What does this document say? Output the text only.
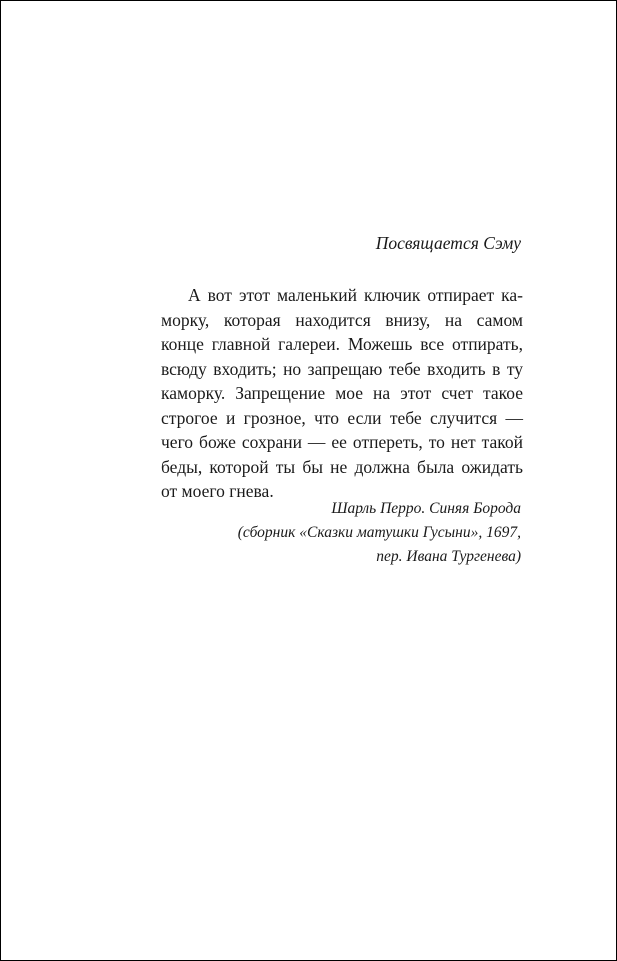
Посвящается Сэму
А вот этот маленький ключик отпирает ка-
морку, которая находится внизу, на самом
конце главной галереи. Можешь все отпирать,
всюду входить; но запрещаю тебе входить в ту
каморку. Запрещение мое на этот счет такое
строгое и грозное, что если тебе случится —
чего боже сохрани — ее отпереть, то нет такой
беды, которой ты бы не должна была ожидать
от моего гнева.
Шарль Перро. Синяя Борода
(сборник «Сказки матушки Гусыни», 1697,
пер. Ивана Тургенева)
